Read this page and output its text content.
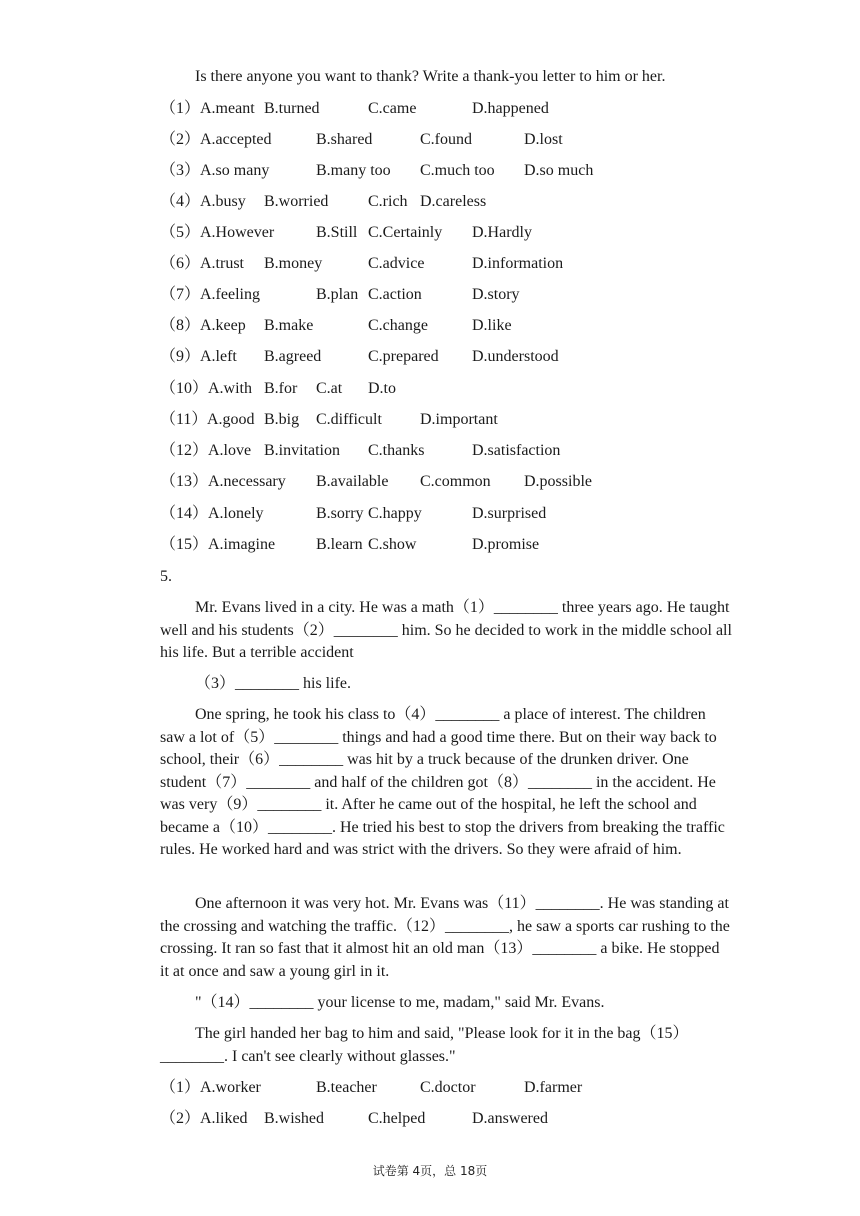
Is there anyone you want to thank? Write a thank-you letter to him or her.
（1） A.meant B.turned	C.came	D.happened
（2） A.accepted	B.shared	C.found	D.lost
（3） A.so many	B.many too C.much too D.so much
（4） A.busy B.worried C.rich D.careless
（5） A.However	B.Still C.Certainly D.Hardly
（6） A.trust B.money	C.advice	D.information
（7） A.feeling	B.plan C.action	D.story
（8） A.keep B.make	C.change	D.like
（9） A.left B.agreed	C.prepared D.understood
（10） A.with B.for C.at D.to
（11） A.good B.big C.difficult D.important
（12） A.love B.invitation C.thanks	D.satisfaction
（13） A.necessary B.available C.common D.possible
（14） A.lonely	B.sorry C.happy	D.surprised
（15） A.imagine	B.learn C.show	D.promise
5.
Mr. Evans lived in a city. He was a math（1）________ three years ago. He taught well and his students（2）________ him. So he decided to work in the middle school all his life. But a terrible accident
（3）________ his life.
One spring, he took his class to（4）________ a place of interest. The children saw a lot of（5）________ things and had a good time there. But on their way back to school, their（6）________ was hit by a truck because of the drunken driver. One student（7）________ and half of the children got（8）________ in the accident. He was very（9）________ it. After he came out of the hospital, he left the school and became a（10）________. He tried his best to stop the drivers from breaking the traffic rules. He worked hard and was strict with the drivers. So they were afraid of him.
One afternoon it was very hot. Mr. Evans was（11）________. He was standing at the crossing and watching the traffic.（12）________, he saw a sports car rushing to the crossing. It ran so fast that it almost hit an old man（13）________ a bike. He stopped it at once and saw a young girl in it.
"（14）________ your license to me, madam," said Mr. Evans.
The girl handed her bag to him and said, "Please look for it in the bag（15）________. I can't see clearly without glasses."
（1） A.worker	B.teacher	C.doctor	D.farmer
（2） A.liked B.wished	C.helped	D.answered
试卷第 4页，总 18页
